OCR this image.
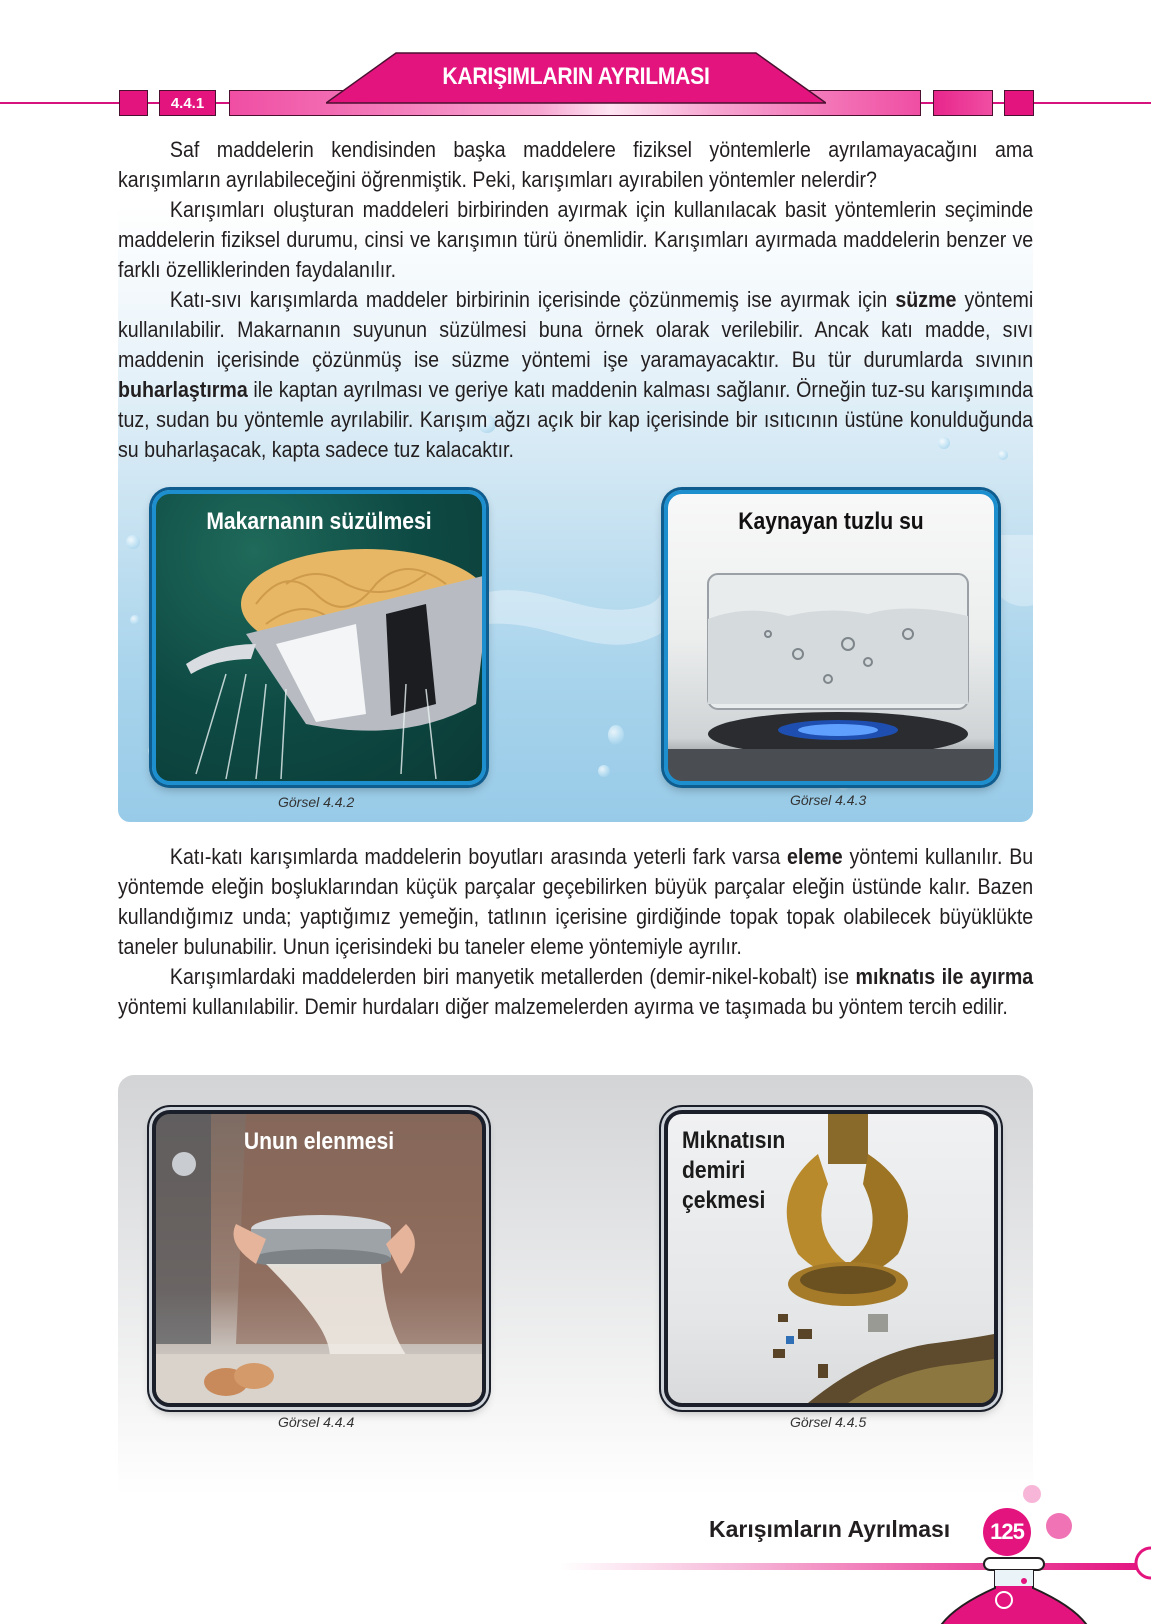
4.4.1
KARIŞIMLARIN AYRILMASI

Saf maddelerin kendisinden başka maddelere fiziksel yöntemlerle ayrılamayacağını ama karışımların ayrılabileceğini öğrenmiştik. Peki, karışımları ayırabilen yöntemler nelerdir?

Karışımları oluşturan maddeleri birbirinden ayırmak için kullanılacak basit yöntemlerin seçiminde maddelerin fiziksel durumu, cinsi ve karışımın türü önemlidir. Karışımları ayırmada maddelerin benzer ve farklı özelliklerinden faydalanılır.

Katı-sıvı karışımlarda maddeler birbirinin içerisinde çözünmemiş ise ayırmak için süzme yöntemi kullanılabilir. Makarnanın suyunun süzülmesi buna örnek olarak verilebilir. Ancak katı madde, sıvı maddenin içerisinde çözünmüş ise süzme yöntemi işe yaramayacaktır. Bu tür durumlarda sıvının buharlaştırma ile kaptan ayrılması ve geriye katı maddenin kalması sağlanır. Örneğin tuz-su karışımında tuz, sudan bu yöntemle ayrılabilir. Karışım ağzı açık bir kap içerisinde bir ısıtıcının üstüne konulduğunda su buharlaşacak, kapta sadece tuz kalacaktır.

Makarnanın süzülmesi
Görsel 4.4.2
Kaynayan tuzlu su
Görsel 4.4.3

Katı-katı karışımlarda maddelerin boyutları arasında yeterli fark varsa eleme yöntemi kullanılır. Bu yöntemde eleğin boşluklarından küçük parçalar geçebilirken büyük parçalar eleğin üstünde kalır. Bazen kullandığımız unda; yaptığımız yemeğin, tatlının içerisine girdiğinde topak topak olabilecek büyüklükte taneler bulunabilir. Unun içerisindeki bu taneler eleme yöntemiyle ayrılır.

Karışımlardaki maddelerden biri manyetik metallerden (demir-nikel-kobalt) ise mıknatıs ile ayırma yöntemi kullanılabilir. Demir hurdaları diğer malzemelerden ayırma ve taşımada bu yöntem tercih edilir.

Unun elenmesi
Görsel 4.4.4
Mıknatısın
demiri
çekmesi
Görsel 4.4.5
Karışımların Ayrılması	125
